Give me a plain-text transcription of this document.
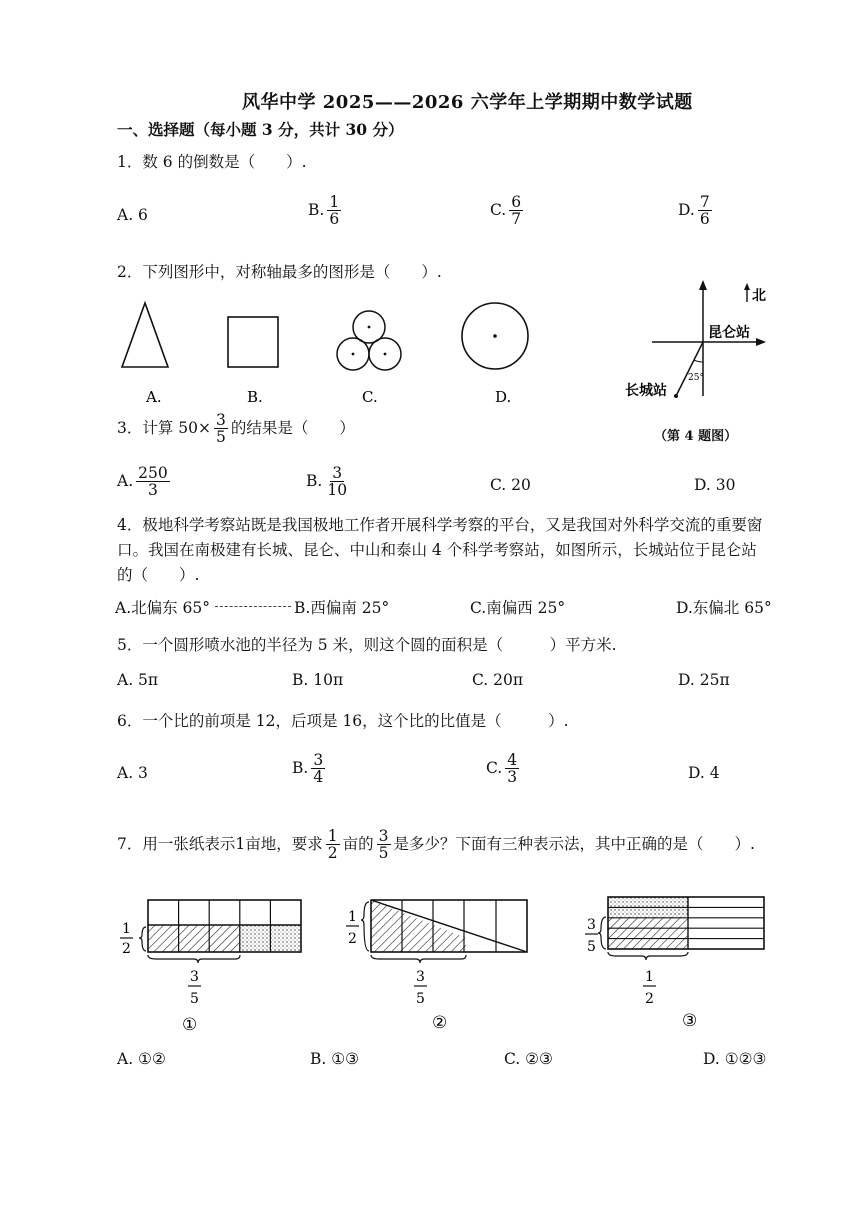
风华中学 2025——2026 六学年上学期期中数学试题
一、选择题（每小题 3 分，共计 30 分）
1．数 6 的倒数是（　　）.
A. 6	B. $\frac{1}{6}$	C. $\frac{6}{7}$	D. $\frac{7}{6}$
2．下列图形中，对称轴最多的图形是（　　）.
A.	B.	C.	D.
北
昆仑站
长城站
25°
（第 4 题图）
3．计算 $50\times \frac{3}{5}$ 的结果是（　　）
A. $\frac{250}{3}$	B. $\frac{3}{10}$	C. 20	D. 30
4．极地科学考察站既是我国极地工作者开展科学考察的平台，又是我国对外科学交流的重要窗
口。我国在南极建有长城、昆仑、中山和泰山 4 个科学考察站，如图所示，长城站位于昆仑站
的（　　）.
A.北偏东 65°	B.西偏南 25°	C.南偏西 25°	D.东偏北 65°
5．一个圆形喷水池的半径为 5 米，则这个圆的面积是（　　　）平方米.
A. 5π	B. 10π	C. 20π	D. 25π
6．一个比的前项是 12，后项是 16，这个比的比值是（　　　）.
A. 3	B. $\frac{3}{4}$	C. $\frac{4}{3}$	D. 4
7．用一张纸表示1亩地，要求 $\frac{1}{2}$ 亩的 $\frac{3}{5}$ 是多少？下面有三种表示法，其中正确的是（　　）.
1
2
3
5
①
1
2
3
5
②
3
5
1
2
③
A. ①②	B. ①③	C. ②③	D. ①②③
